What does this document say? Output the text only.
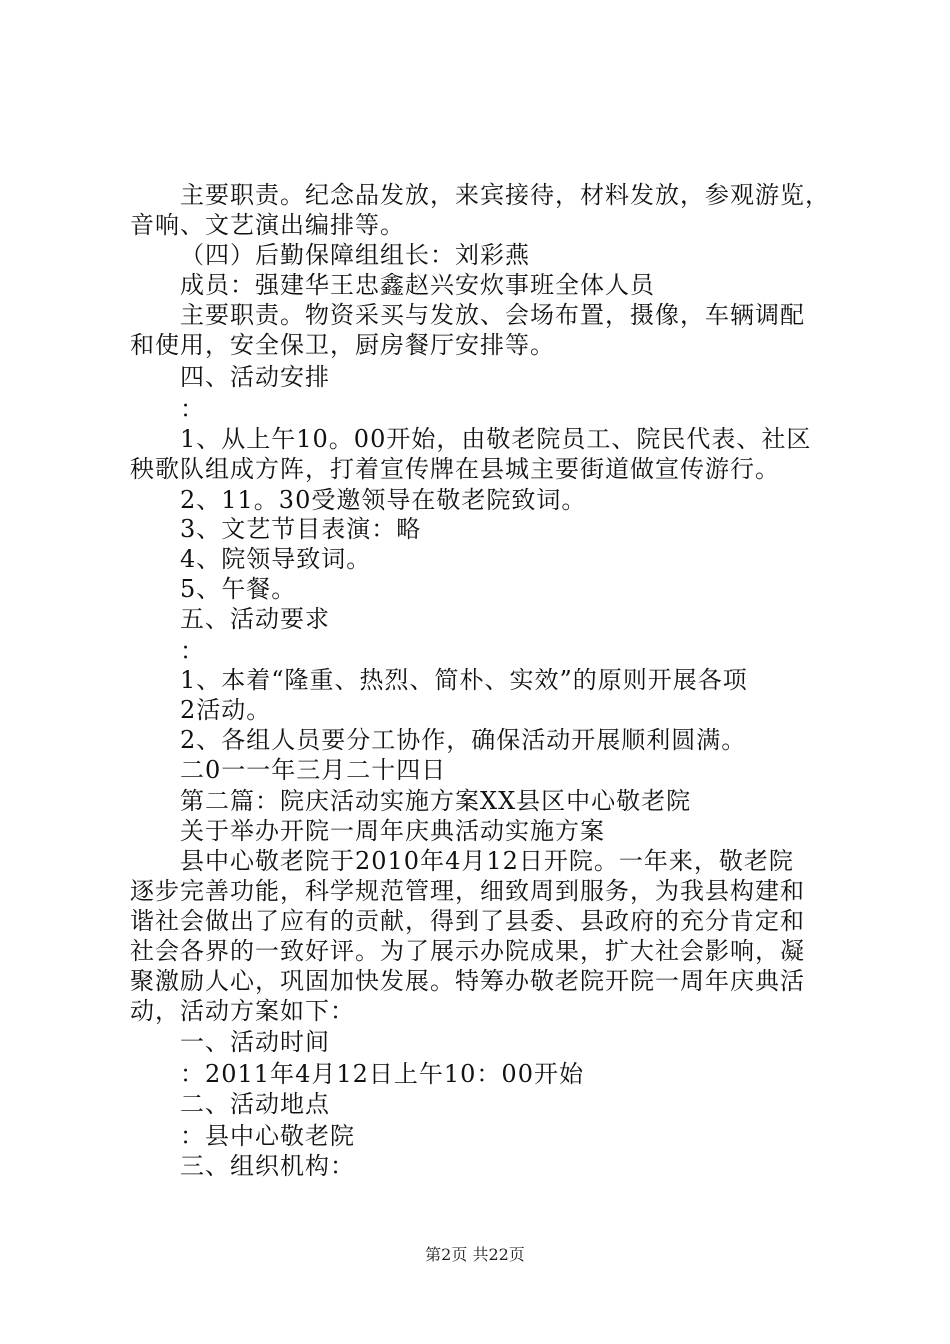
主要职责。纪念品发放，来宾接待，材料发放，参观游览，
音响、文艺演出编排等。
（四）后勤保障组组长：刘彩燕
成员：强建华王忠鑫赵兴安炊事班全体人员
主要职责。物资采买与发放、会场布置，摄像，车辆调配
和使用，安全保卫，厨房餐厅安排等。
四、活动安排
：
1、从上午10。00开始，由敬老院员工、院民代表、社区
秧歌队组成方阵，打着宣传牌在县城主要街道做宣传游行。
2、11。30受邀领导在敬老院致词。
3、文艺节目表演：略
4、院领导致词。
5、午餐。
五、活动要求
：
1、本着“隆重、热烈、简朴、实效”的原则开展各项
2活动。
2、各组人员要分工协作，确保活动开展顺利圆满。
二0一一年三月二十四日
第二篇：院庆活动实施方案XX县区中心敬老院
关于举办开院一周年庆典活动实施方案
县中心敬老院于2010年4月12日开院。一年来，敬老院
逐步完善功能，科学规范管理，细致周到服务，为我县构建和
谐社会做出了应有的贡献，得到了县委、县政府的充分肯定和
社会各界的一致好评。为了展示办院成果，扩大社会影响，凝
聚激励人心，巩固加快发展。特筹办敬老院开院一周年庆典活
动，活动方案如下：
一、活动时间
：2011年4月12日上午10：00开始
二、活动地点
：县中心敬老院
三、组织机构：
第2页 共22页
